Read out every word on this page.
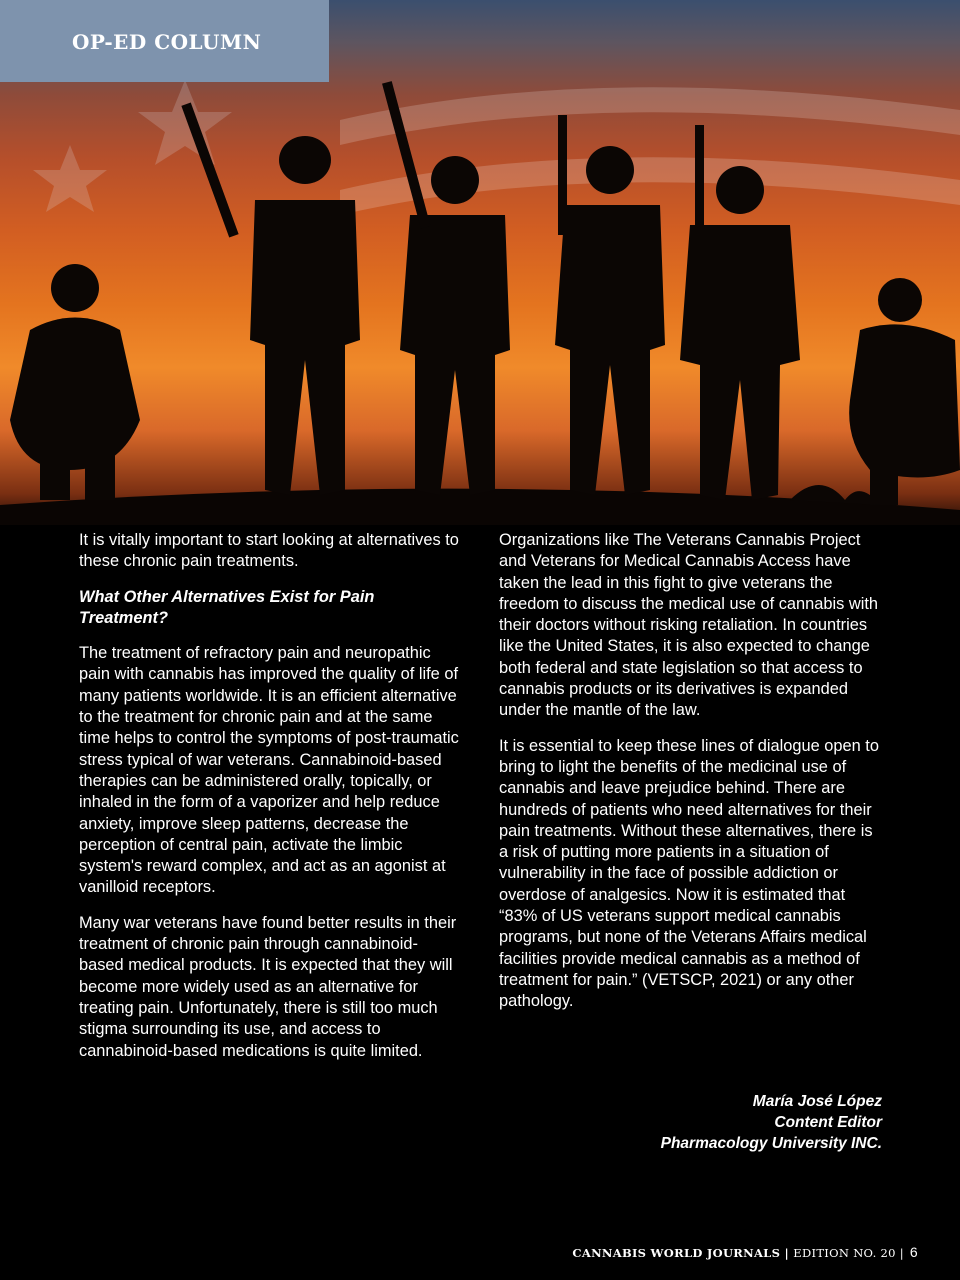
OP-ED COLUMN

It is vitally important to start looking at alternatives to these chronic pain treatments.

What Other Alternatives Exist for Pain Treatment?

The treatment of refractory pain and neuropathic pain with cannabis has improved the quality of life of many patients worldwide. It is an efficient alternative to the treatment for chronic pain and at the same time helps to control the symptoms of post-traumatic stress typical of war veterans. Cannabinoid-based therapies can be administered orally, topically, or inhaled in the form of a vaporizer and help reduce anxiety, improve sleep patterns, decrease the perception of central pain, activate the limbic system's reward complex, and act as an agonist at vanilloid receptors.

Many war veterans have found better results in their treatment of chronic pain through cannabinoid-based medical products. It is expected that they will become more widely used as an alternative for treating pain. Unfortunately, there is still too much stigma surrounding its use, and access to cannabinoid-based medications is quite limited.

Organizations like The Veterans Cannabis Project and Veterans for Medical Cannabis Access have taken the lead in this fight to give veterans the freedom to discuss the medical use of cannabis with their doctors without risking retaliation. In countries like the United States, it is also expected to change both federal and state legislation so that access to cannabis products or its derivatives is expanded under the mantle of the law.

It is essential to keep these lines of dialogue open to bring to light the benefits of the medicinal use of cannabis and leave prejudice behind. There are hundreds of patients who need alternatives for their pain treatments. Without these alternatives, there is a risk of putting more patients in a situation of vulnerability in the face of possible addiction or overdose of analgesics. Now it is estimated that “83% of US veterans support medical cannabis programs, but none of the Veterans Affairs medical facilities provide medical cannabis as a method of treatment for pain.” (VETSCP, 2021) or any other pathology.

María José López
Content Editor
Pharmacology University INC.
CANNABIS WORLD JOURNALS | EDITION NO. 20 | 6
